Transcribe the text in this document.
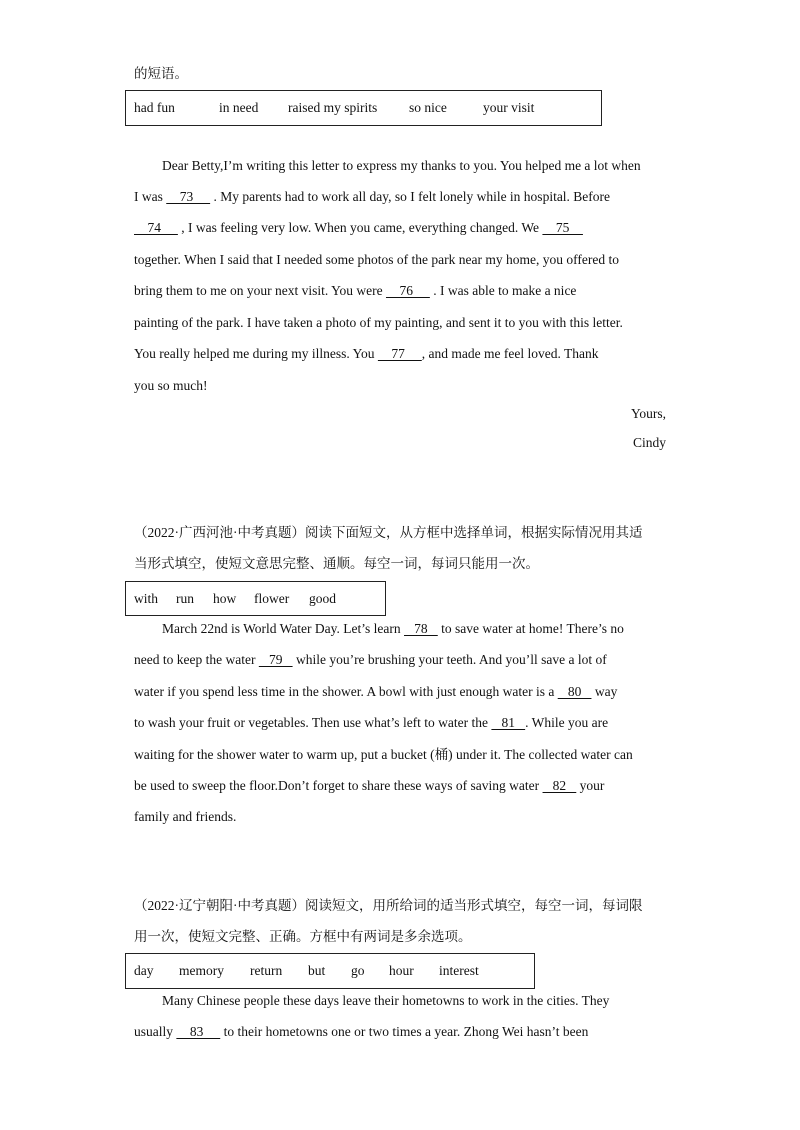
的短语。
had fun	in need raised my spirits so nice	your visit
Dear Betty,I’m writing this letter to express my thanks to you. You helped me a lot when
I was     73      . My parents had to work all day, so I felt lonely while in hospital. Before
74      , I was feeling very low. When you came, everything changed. We     75
together. When I said that I needed some photos of the park near my home, you offered to
bring them to me on your next visit. You were     76      . I was able to make a nice
painting of the park. I have taken a photo of my painting, and sent it to you with this letter.
You really helped me during my illness. You     77     , and made me feel loved. Thank
you so much!
Yours,
Cindy
（2022·广西河池·中考真题）阅读下面短文，从方框中选择单词，根据实际情况用其适
当形式填空，使短文意思完整、通顺。每空一词，每词只能用一次。
with run how flower good
March 22nd is World Water Day. Let’s learn    78    to save water at home! There’s no
need to keep the water    79    while you’re brushing your teeth. And you’ll save a lot of
water if you spend less time in the shower. A bowl with just enough water is a    80    way
to wash your fruit or vegetables. Then use what’s left to water the    81   . While you are
waiting for the shower water to warm up, put a bucket (桶) under it. The collected water can
be used to sweep the floor.Don’t forget to share these ways of saving water    82    your
family and friends.
（2022·辽宁朝阳·中考真题）阅读短文，用所给词的适当形式填空，每空一词，每词限
用一次，使短文完整、正确。方框中有两词是多余选项。
day memory return but go hour interest
Many Chinese people these days leave their hometowns to work in the cities. They
usually     83      to their hometowns one or two times a year. Zhong Wei hasn’t been
